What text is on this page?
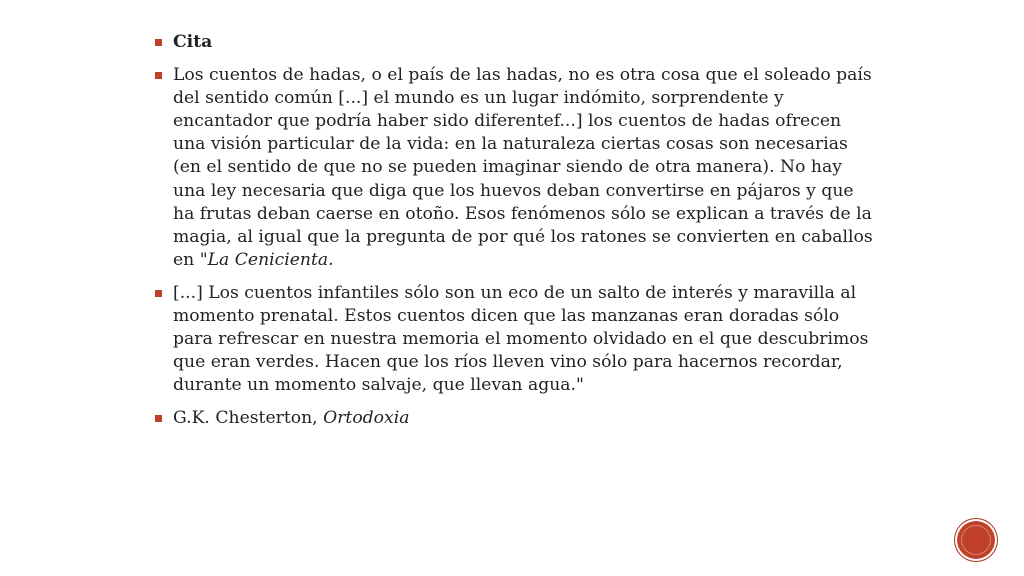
Cita
Los cuentos de hadas, o el país de las hadas, no es otra cosa que el soleado país del sentido común [...] el mundo es un lugar indómito, sorprendente y encantador que podría haber sido diferentef...] los cuentos de hadas ofrecen una visión particular de la vida: en la naturaleza ciertas cosas son necesarias (en el sentido de que no se pueden imaginar siendo de otra manera). No hay una ley necesaria que diga que los huevos deban convertirse en pájaros y que ha frutas deban caerse en otoño. Esos fenómenos sólo se explican a través de la magia, al igual que la pregunta de por qué los ratones se convierten en caballos en "La Cenicienta.
[...] Los cuentos infantiles sólo son un eco de un salto de interés y maravilla al momento prenatal. Estos cuentos dicen que las manzanas eran doradas sólo para refrescar en nuestra memoria el momento olvidado en el que descubrimos que eran verdes. Hacen que los ríos lleven vino sólo para hacernos recordar, durante un momento salvaje, que llevan agua."
G.K. Chesterton, Ortodoxia
